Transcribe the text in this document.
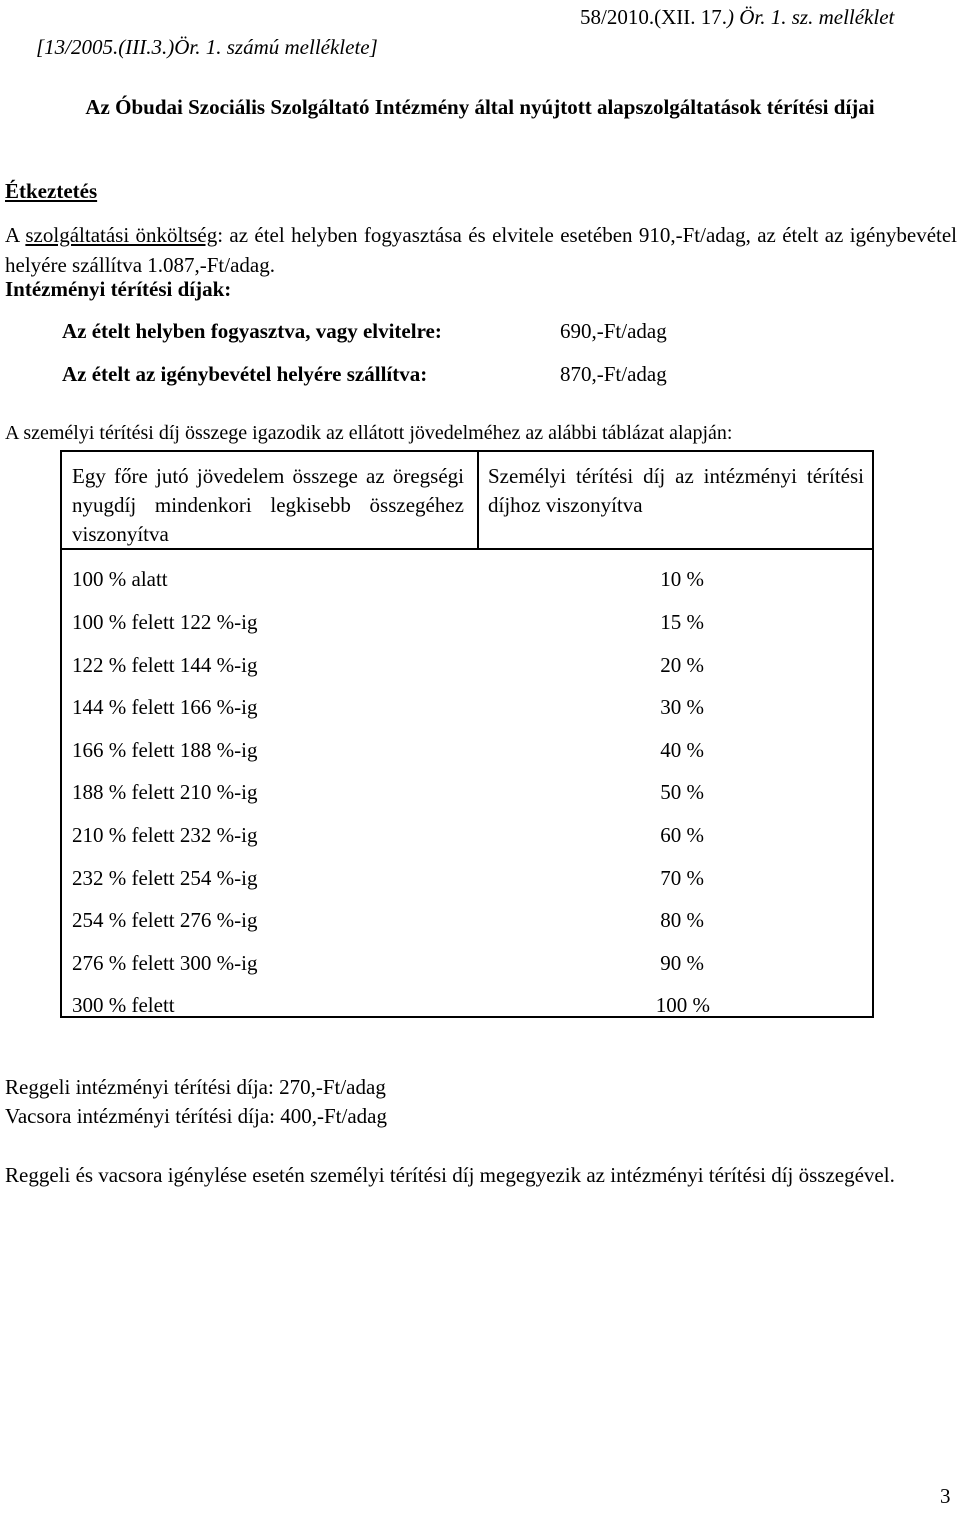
[13/2005.(III.3.)Ör. 1. számú melléklete]
58/2010.(XII. 17.) Ör. 1. sz. melléklet
Az Óbudai Szociális Szolgáltató Intézmény által nyújtott alapszolgáltatások térítési díjai
Étkeztetés
A szolgáltatási önköltség: az étel helyben fogyasztása és elvitele esetében 910,-Ft/adag, az ételt az igénybevétel helyére szállítva 1.087,-Ft/adag.
Intézményi térítési díjak:
Az ételt helyben fogyasztva, vagy elvitelre:	690,-Ft/adag
Az ételt az igénybevétel helyére szállítva:	870,-Ft/adag
A személyi térítési díj összege igazodik az ellátott jövedelméhez az alábbi táblázat alapján:
Egy főre jutó jövedelem összege az öregségi nyugdíj mindenkori legkisebb összegéhez viszonyítva
Személyi térítési díj az intézményi térítési díjhoz viszonyítva
100 % alatt	10 %
100 % felett 122 %-ig	15 %
122 % felett 144 %-ig	20 %
144 % felett 166 %-ig	30 %
166 % felett 188 %-ig	40 %
188 % felett 210 %-ig	50 %
210 % felett 232 %-ig	60 %
232 % felett 254 %-ig	70 %
254 % felett 276 %-ig	80 %
276 % felett 300 %-ig	90 %
300 % felett	100 %
Reggeli intézményi térítési díja: 270,-Ft/adag
Vacsora intézményi térítési díja: 400,-Ft/adag
Reggeli és vacsora igénylése esetén személyi térítési díj megegyezik az intézményi térítési díj összegével.
3
